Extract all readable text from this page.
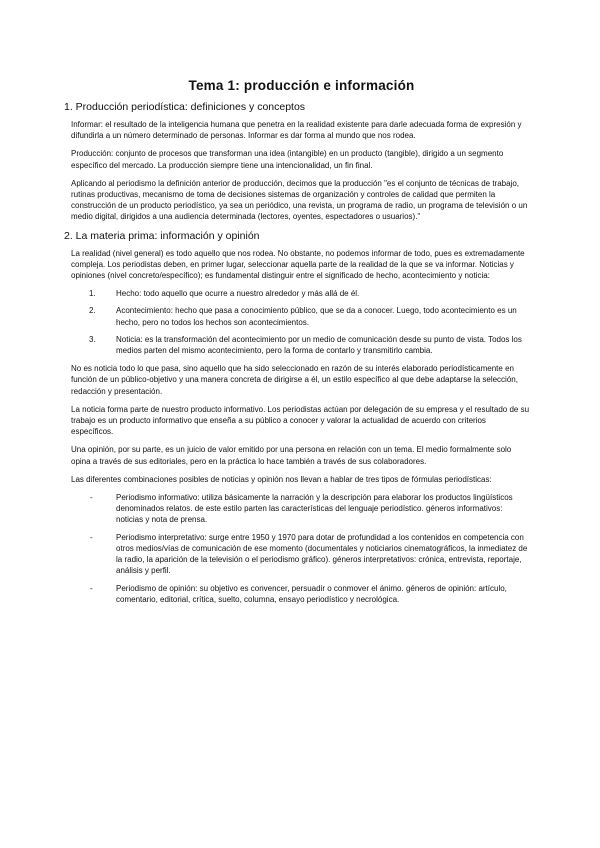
Tema 1: producción e información
1. Producción periodística: definiciones y conceptos

Informar: el resultado de la inteligencia humana que penetra en la realidad existente para darle adecuada forma de expresión y difundirla a un número determinado de personas. Informar es dar forma al mundo que nos rodea.

Producción: conjunto de procesos que transforman una idea (intangible) en un producto (tangible), dirigido a un segmento específico del mercado. La producción siempre tiene una intencionalidad, un fin final.

Aplicando al periodismo la definición anterior de producción, decimos que la producción "es el conjunto de técnicas de trabajo, rutinas productivas, mecanismo de toma de decisiones sistemas de organización y controles de calidad que permiten la construcción de un producto periodístico, ya sea un periódico, una revista, un programa de radio, un programa de televisión o un medio digital, dirigidos a una audiencia determinada (lectores, oyentes, espectadores o usuarios)."

2. La materia prima: información y opinión

La realidad (nivel general) es todo aquello que nos rodea. No obstante, no podemos informar de todo, pues es extremadamente compleja. Los periodistas deben, en primer lugar, seleccionar aquella parte de la realidad de la que se va informar. Noticias y opiniones (nivel concreto/específico); es fundamental distinguir entre el significado de hecho, acontecimiento y noticia:

1.	Hecho: todo aquello que ocurre a nuestro alrededor y más allá de él.
2.	Acontecimiento: hecho que pasa a conocimiento público, que se da a conocer. Luego, todo acontecimiento es un hecho, pero no todos los hechos son acontecimientos.
3.	Noticia: es la transformación del acontecimiento por un medio de comunicación desde su punto de vista. Todos los medios parten del mismo acontecimiento, pero la forma de contarlo y transmitirlo cambia.

No es noticia todo lo que pasa, sino aquello que ha sido seleccionado en razón de su interés elaborado periodísticamente en función de un público-objetivo y una manera concreta de dirigirse a él, un estilo específico al que debe adaptarse la selección, redacción y presentación.

La noticia forma parte de nuestro producto informativo. Los periodistas actúan por delegación de su empresa y el resultado de su trabajo es un producto informativo que enseña a su público a conocer y valorar la actualidad de acuerdo con criterios específicos.

Una opinión, por su parte, es un juicio de valor emitido por una persona en relación con un tema. El medio formalmente solo opina a través de sus editoriales, pero en la práctica lo hace también a través de sus colaboradores.

Las diferentes combinaciones posibles de noticias y opinión nos llevan a hablar de tres tipos de fórmulas periodísticas:

-	Periodismo informativo: utiliza básicamente la narración y la descripción para elaborar los productos lingüísticos denominados relatos. de este estilo parten las características del lenguaje periodístico. géneros informativos: noticias y nota de prensa.
-	Periodismo interpretativo: surge entre 1950 y 1970 para dotar de profundidad a los contenidos en competencia con otros medios/vías de comunicación de ese momento (documentales y noticiarios cinematográficos, la inmediatez de la radio, la aparición de la televisión o el periodismo gráfico). géneros interpretativos: crónica, entrevista, reportaje, análisis y perfil.
-	Periodismo de opinión: su objetivo es convencer, persuadir o conmover el ánimo. géneros de opinión: artículo, comentario, editorial, crítica, suelto, columna, ensayo periodístico y necrológica.
